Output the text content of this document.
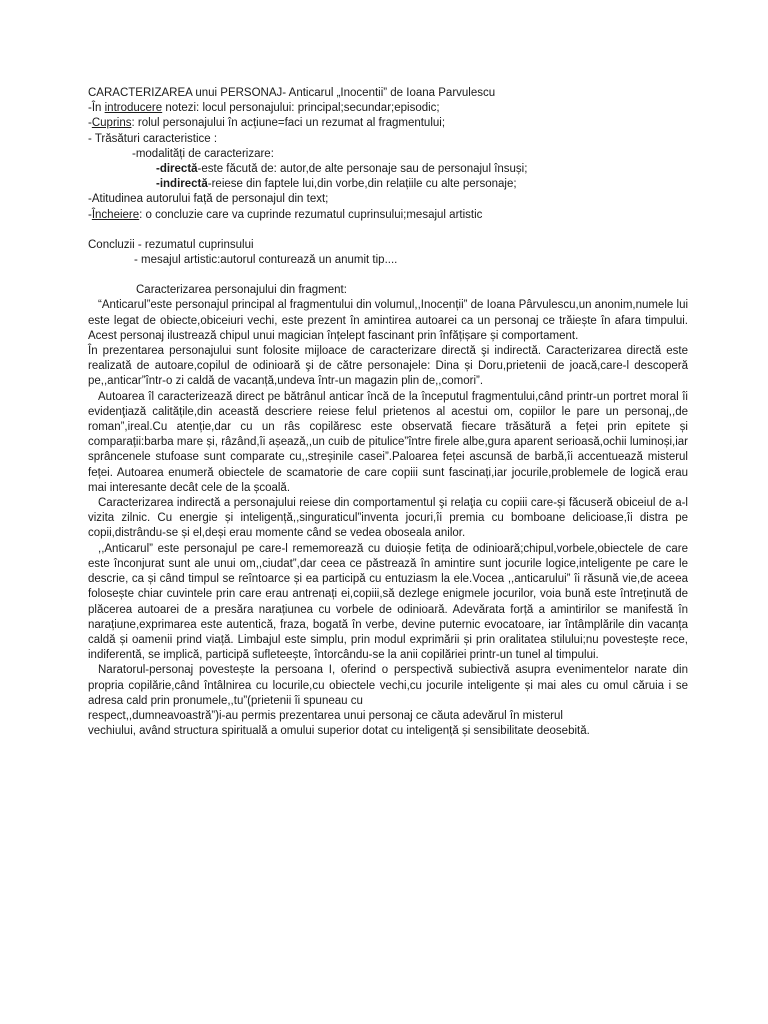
CARACTERIZAREA unui PERSONAJ- Anticarul „Inocentii” de Ioana Parvulescu
-În introducere notezi: locul personajului: principal;secundar;episodic;
-Cuprins: rolul personajului în acțiune=faci un rezumat al fragmentului;
- Trăsături caracteristice :
-modalități de caracterizare:
-directă-este făcută de: autor,de alte personaje sau de personajul însuși;
-indirectă-reiese din faptele lui,din vorbe,din relațiile cu alte personaje;
-Atitudinea autorului față de personajul din text;
-Încheiere: o concluzie care va cuprinde rezumatul cuprinsului;mesajul artistic
Concluzii - rezumatul cuprinsului
- mesajul artistic:autorul conturează un anumit tip....
Caracterizarea personajului din fragment:
“Anticarul”este personajul principal al fragmentului din volumul,,Inocenții” de Ioana Pârvulescu,un anonim,numele lui este legat de obiecte,obiceiuri vechi, este prezent în amintirea autoarei ca un personaj ce trăiește în afara timpului. Acest personaj ilustrează chipul unui magician înțelept fascinant prin înfățișare și comportament.
În prezentarea personajului sunt folosite mijloace de caracterizare directă şi indirectă. Caracterizarea directă este realizată de autoare,copilul de odinioară şi de către personajele: Dina și Doru,prietenii de joacă,care-l descoperă pe,,anticar”într-o zi caldă de vacanță,undeva într-un magazin plin de,,comori”.
Autoarea îl caracterizează direct pe bătrânul anticar încă de la începutul fragmentului,când printr-un portret moral îi evidenţiază calitățile,din această descriere reiese felul prietenos al acestui om, copiilor le pare un personaj,,de roman”,ireal.Cu atenție,dar cu un râs copilăresc este observată fiecare trăsătură a feței prin epitete și comparații:barba mare și, râzând,îi așează,,un cuib de pitulice”între firele albe,gura aparent serioasă,ochii luminoși,iar sprâncenele stufoase sunt comparate cu,,streșinile casei”.Paloarea feței ascunsă de barbă,îi accentuează misterul feței. Autoarea enumeră obiectele de scamatorie de care copiii sunt fascinați,iar jocurile,problemele de logică erau mai interesante decât cele de la școală.
Caracterizarea indirectă a personajului reiese din comportamentul şi relaţia cu copiii care-și făcuseră obiceiul de a-l vizita zilnic. Cu energie și inteligență,,singuraticul”inventa jocuri,îi premia cu bomboane delicioase,îi distra pe copii,distrându-se și el,deși erau momente când se vedea oboseala anilor.
,,Anticarul” este personajul pe care-l rememorează cu duioșie fetița de odinioară;chipul,vorbele,obiectele de care este înconjurat sunt ale unui om,,ciudat”,dar ceea ce păstrează în amintire sunt jocurile logice,inteligente pe care le descrie, ca și când timpul se reîntoarce și ea participă cu entuziasm la ele.Vocea ,,anticarului” îi răsună vie,de aceea folosește chiar cuvintele prin care erau antrenați ei,copiii,să dezlege enigmele jocurilor, voia bună este întreținută de plăcerea autoarei de a presăra narațiunea cu vorbele de odinioară. Adevărata forță a amintirilor se manifestă în narațiune,exprimarea este autentică, fraza, bogată în verbe, devine puternic evocatoare, iar întâmplările din vacanța caldă și oamenii prind viață. Limbajul este simplu, prin modul exprimării și prin oralitatea stilului;nu povestește rece, indiferentă, se implică, participă sufleteește, întorcându-se la anii copilăriei printr-un tunel al timpului.
Naratorul-personaj povestește la persoana I, oferind o perspectivă subiectivă asupra evenimentelor narate din propria copilărie,când întâlnirea cu locurile,cu obiectele vechi,cu jocurile inteligente și mai ales cu omul căruia i se adresa cald prin pronumele,,tu”(prietenii îi spuneau cu
respect,,dumneavoastră”)i-au permis prezentarea unui personaj ce căuta adevărul în misterul
vechiului, având structura spirituală a omului superior dotat cu inteligență și sensibilitate deosebită.
